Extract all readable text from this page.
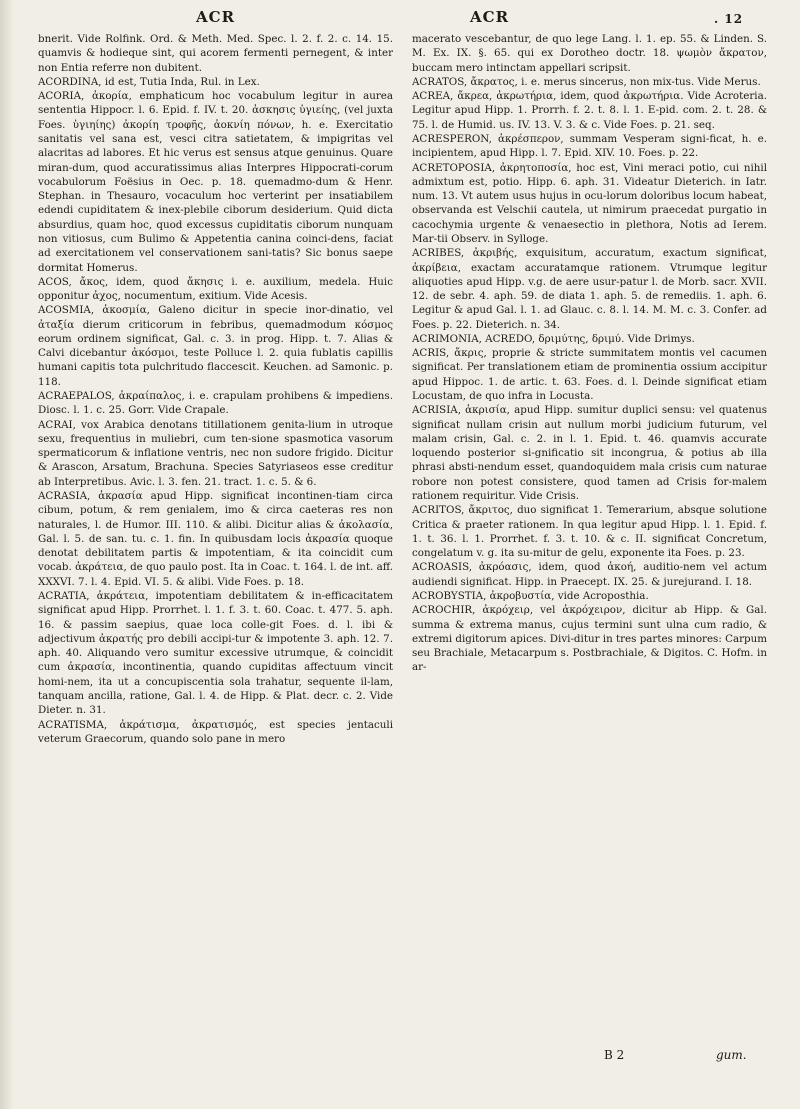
ACR	ACR	. 12

bnerit. Vide Rolfink. Ord. & Meth. Med. Spec. l. 2. f. 2. c. 14. 15. quamvis & hodieque sint, qui acorem fermenti pernegent, & inter non Entia referre non dubitent.

ACORDINA, id est, Tutia Inda, Rul. in Lex.

ACORIA, ἀκορία, emphaticum hoc vocabulum legitur in aurea sententia Hippocr. l. 6. Epid. f. IV. t. 20. ἀσκησις ὑγιείης, (vel juxta Foes. ὑγιηίης) ἀκορίη τροφῆς, ἀοκνίη πόνων, h. e. Exercitatio sanitatis vel sana est, vesci citra satietatem, & impigritas vel alacritas ad labores. Et hic verus est sensus atque genuinus. Quare miran-dum, quod accuratissimus alias Interpres Hippocrati-corum vocabulorum Foësius in Oec. p. 18. quemadmo-dum & Henr. Stephan. in Thesauro, vocaculum hoc verterint per insatiabilem edendi cupiditatem & inex-plebile ciborum desiderium. Quid dicta absurdius, quam hoc, quod excessus cupiditatis ciborum nunquam non vitiosus, cum Bulimo & Appetentia canina coinci-dens, faciat ad exercitationem vel conservationem sani-tatis? Sic bonus saepe dormitat Homerus.

ACOS, ἄκος, idem, quod ἄκησις i. e. auxilium, medela. Huic opponitur ἀχος, nocumentum, exitium. Vide Acesis.

ACOSMIA, ἀκοσμία, Galeno dicitur in specie inor-dinatio, vel ἀταξία dierum criticorum in febribus, quemadmodum κόσμος eorum ordinem significat, Gal. c. 3. in prog. Hipp. t. 7. Alias & Calvi dicebantur ἀκόσμοι, teste Polluce l. 2. quia fublatis capillis humani capitis tota pulchritudo flaccescit. Keuchen. ad Samonic. p. 118.

ACRAEPALOS, ἀκραίπαλος, i. e. crapulam prohibens & impediens. Diosc. l. 1. c. 25. Gorr. Vide Crapale.

ACRAI, vox Arabica denotans titillationem genita-lium in utroque sexu, frequentius in muliebri, cum ten-sione spasmotica vasorum spermaticorum & inflatione ventris, nec non sudore frigido. Dicitur & Arascon, Arsatum, Brachuna. Species Satyriaseos esse creditur ab Interpretibus. Avic. l. 3. fen. 21. tract. 1. c. 5. & 6.

ACRASIA, ἀκρασία apud Hipp. significat incontinen-tiam circa cibum, potum, & rem genialem, imo & circa caeteras res non naturales, l. de Humor. III. 110. & alibi. Dicitur alias & ἀκολασία, Gal. l. 5. de san. tu. c. 1. fin. In quibusdam locis ἀκρασία quoque denotat debilitatem partis & impotentiam, & ita coincidit cum vocab. ἀκράτεια, de quo paulo post. Ita in Coac. t. 164. l. de int. aff. XXXVI. 7. l. 4. Epid. VI. 5. & alibi. Vide Foes. p. 18.

ACRATIA, ἀκράτεια, impotentiam debilitatem & in-efficacitatem significat apud Hipp. Prorrhet. l. 1. f. 3. t. 60. Coac. t. 477. 5. aph. 16. & passim saepius, quae loca colle-git Foes. d. l. ibi & adjectivum ἀκρατής pro debili accipi-tur & impotente 3. aph. 12. 7. aph. 40. Aliquando vero sumitur excessive utrumque, & coincidit cum ἀκρασία, incontinentia, quando cupiditas affectuum vincit homi-nem, ita ut a concupiscentia sola trahatur, sequente il-lam, tanquam ancilla, ratione, Gal. l. 4. de Hipp. & Plat. decr. c. 2. Vide Dieter. n. 31.

ACRATISMA, ἀκράτισμα, ἀκρατισμός, est species jentaculi veterum Graecorum, quando solo pane in mero

macerato vescebantur, de quo lege Lang. l. 1. ep. 55. & Linden. S. M. Ex. IX. §. 65. qui ex Dorotheo doctr. 18. ψωμὸν ἄκρατον, buccam mero intinctam appellari scripsit.

ACRATOS, ἄκρατος, i. e. merus sincerus, non mix-tus. Vide Merus.

ACREA, ἄκρεα, ἀκρωτήρια, idem, quod ἀκρωτήρια. Vide Acroteria. Legitur apud Hipp. 1. Prorrh. f. 2. t. 8. l. 1. E-pid. com. 2. t. 28. & 75. l. de Humid. us. IV. 13. V. 3. & c. Vide Foes. p. 21. seq.

ACRESPERON, ἀκρέσπερον, summam Vesperam signi-ficat, h. e. incipientem, apud Hipp. l. 7. Epid. XIV. 10. Foes. p. 22.

ACRETOPOSIA, ἀκρητοποσία, hoc est, Vini meraci potio, cui nihil admixtum est, potio. Hipp. 6. aph. 31. Videatur Dieterich. in Iatr. num. 13. Vt autem usus hujus in ocu-lorum doloribus locum habeat, observanda est Velschii cautela, ut nimirum praecedat purgatio in cacochymia urgente & venaesectio in plethora, Notis ad Ierem. Mar-tii Observ. in Sylloge.

ACRIBES, ἀκριβής, exquisitum, accuratum, exactum significat, ἀκρίβεια, exactam accuratamque rationem. Vtrumque legitur aliquoties apud Hipp. v.g. de aere usur-patur l. de Morb. sacr. XVII. 12. de sebr. 4. aph. 59. de diata 1. aph. 5. de remediis. 1. aph. 6. Legitur & apud Gal. l. 1. ad Glauc. c. 8. l. 14. M. M. c. 3. Confer. ad Foes. p. 22. Dieterich. n. 34.

ACRIMONIA, ACREDO, δριμύτης, δριμύ. Vide Drimys.

ACRIS, ἄκρις, proprie & stricte summitatem montis vel cacumen significat. Per translationem etiam de prominentia ossium accipitur apud Hippoc. 1. de artic. t. 63. Foes. d. l. Deinde significat etiam Locustam, de quo infra in Locusta.

ACRISIA, ἀκρισία, apud Hipp. sumitur duplici sensu: vel quatenus significat nullam crisin aut nullum morbi judicium futurum, vel malam crisin, Gal. c. 2. in l. 1. Epid. t. 46. quamvis accurate loquendo posterior si-gnificatio sit incongrua, & potius ab illa phrasi absti-nendum esset, quandoquidem mala crisis cum naturae robore non potest consistere, quod tamen ad Crisis for-malem rationem requiritur. Vide Crisis.

ACRITOS, ἄκριτος, duo significat 1. Temerarium, absque solutione Critica & praeter rationem. In qua legitur apud Hipp. l. 1. Epid. f. 1. t. 36. l. 1. Prorrhet. f. 3. t. 10. & c. II. significat Concretum, congelatum v. g. ita su-mitur de gelu, exponente ita Foes. p. 23.

ACROASIS, ἀκρόασις, idem, quod ἀκοή, auditio-nem vel actum audiendi significat. Hipp. in Praecept. IX. 25. & jurejurand. I. 18.

ACROBYSTIA, ἀκροβυστία, vide Acroposthia.

ACROCHIR, ἀκρόχειρ, vel ἀκρόχειρον, dicitur ab Hipp. & Gal. summa & extrema manus, cujus termini sunt ulna cum radio, & extremi digitorum apices. Divi-ditur in tres partes minores: Carpum seu Brachiale, Metacarpum s. Postbrachiale, & Digitos. C. Hofm. in ar-

B 2	gum.
